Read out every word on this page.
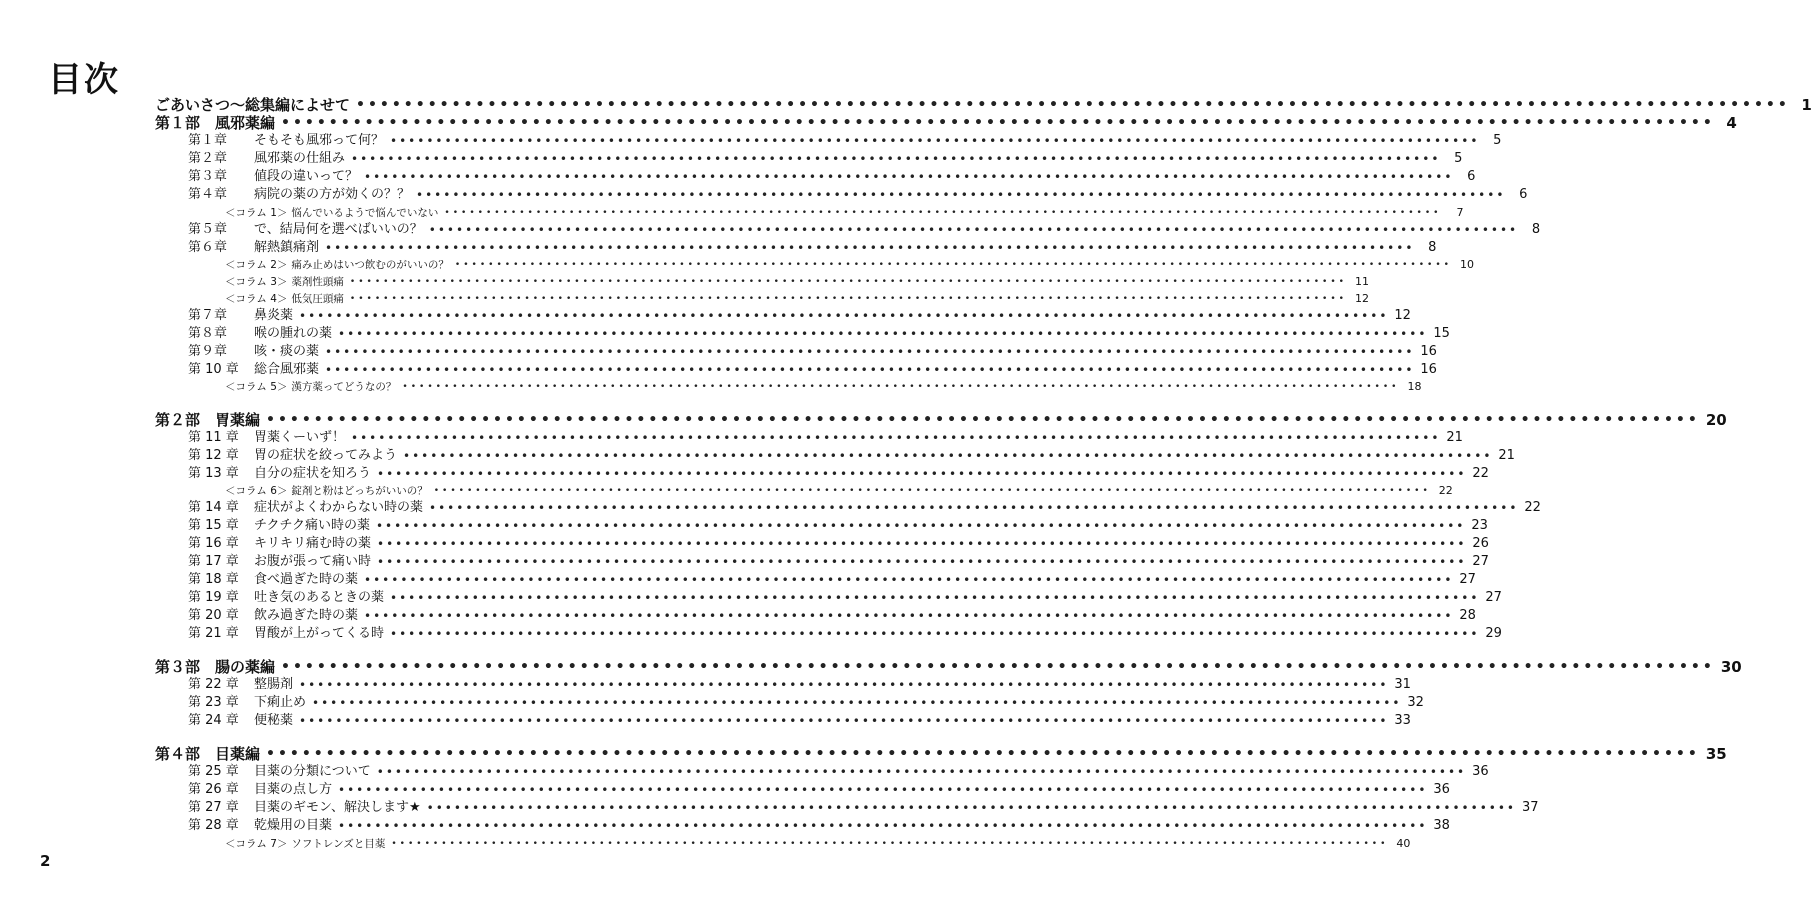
目次
ごあいさつ〜総集編によせて •••••••••••••••••••••••••••••••••••••••••••••••••••••••••••••••••••••••••••••••••••••••••••••••••••••••••••••••••••••••• 1
第１部　風邪薬編 •••••••••••••••••••••••••••••••••••••••••••••••••••••••••••••••••••••••••••••••••••••••••••••••••••••••••••••••••••••••• 4
第１章 そもそも風邪って何？ ••••••••••••••••••••••••••••••••••••••••••••••••••••••••••••••••••••••••••••••••••••••••••••••••••••••••••••••••••••••••	5
第２章 風邪薬の仕組み ••••••••••••••••••••••••••••••••••••••••••••••••••••••••••••••••••••••••••••••••••••••••••••••••••••••••••••••••••••••••	5
第３章 値段の違いって？ ••••••••••••••••••••••••••••••••••••••••••••••••••••••••••••••••••••••••••••••••••••••••••••••••••••••••••••••••••••••••	6
第４章 病院の薬の方が効くの？？ ••••••••••••••••••••••••••••••••••••••••••••••••••••••••••••••••••••••••••••••••••••••••••••••••••••••••••••••••••••••••	6
＜コラム 1＞ 悩んでいるようで悩んでいない ••••••••••••••••••••••••••••••••••••••••••••••••••••••••••••••••••••••••••••••••••••••••••••••••••••••••••••••••••••••••	7
第５章 で、結局何を選べばいいの？ ••••••••••••••••••••••••••••••••••••••••••••••••••••••••••••••••••••••••••••••••••••••••••••••••••••••••••••••••••••••••	8
第６章 解熱鎮痛剤 ••••••••••••••••••••••••••••••••••••••••••••••••••••••••••••••••••••••••••••••••••••••••••••••••••••••••••••••••••••••••	8
＜コラム 2＞ 痛み止めはいつ飲むのがいいの？ •••••••••••••••••••••••••••••••••••••••••••••••••••••••••••••••••••••••••••••••••••••••••••••••••••••••••••••••••••••••• 10
＜コラム 3＞ 薬剤性頭痛 •••••••••••••••••••••••••••••••••••••••••••••••••••••••••••••••••••••••••••••••••••••••••••••••••••••••••••••••••••••••• 11
＜コラム 4＞ 低気圧頭痛 •••••••••••••••••••••••••••••••••••••••••••••••••••••••••••••••••••••••••••••••••••••••••••••••••••••••••••••••••••••••• 12
第７章 鼻炎薬 •••••••••••••••••••••••••••••••••••••••••••••••••••••••••••••••••••••••••••••••••••••••••••••••••••••••••••••••••••••••• 12
第８章 喉の腫れの薬 •••••••••••••••••••••••••••••••••••••••••••••••••••••••••••••••••••••••••••••••••••••••••••••••••••••••••••••••••••••••• 15
第９章 咳・痰の薬 •••••••••••••••••••••••••••••••••••••••••••••••••••••••••••••••••••••••••••••••••••••••••••••••••••••••••••••••••••••••• 16
第 10 章 総合風邪薬 •••••••••••••••••••••••••••••••••••••••••••••••••••••••••••••••••••••••••••••••••••••••••••••••••••••••••••••••••••••••• 16
＜コラム 5＞ 漢方薬ってどうなの？ •••••••••••••••••••••••••••••••••••••••••••••••••••••••••••••••••••••••••••••••••••••••••••••••••••••••••••••••••••••••• 18
第２部　胃薬編 •••••••••••••••••••••••••••••••••••••••••••••••••••••••••••••••••••••••••••••••••••••••••••••••••••••••••••••••••••••••• 20
第 11 章 胃薬くーいず！ •••••••••••••••••••••••••••••••••••••••••••••••••••••••••••••••••••••••••••••••••••••••••••••••••••••••••••••••••••••••• 21
第 12 章 胃の症状を絞ってみよう •••••••••••••••••••••••••••••••••••••••••••••••••••••••••••••••••••••••••••••••••••••••••••••••••••••••••••••••••••••••• 21
第 13 章 自分の症状を知ろう •••••••••••••••••••••••••••••••••••••••••••••••••••••••••••••••••••••••••••••••••••••••••••••••••••••••••••••••••••••••• 22
＜コラム 6＞ 錠剤と粉はどっちがいいの？ •••••••••••••••••••••••••••••••••••••••••••••••••••••••••••••••••••••••••••••••••••••••••••••••••••••••••••••••••••••••• 22
第 14 章 症状がよくわからない時の薬 •••••••••••••••••••••••••••••••••••••••••••••••••••••••••••••••••••••••••••••••••••••••••••••••••••••••••••••••••••••••• 22
第 15 章 チクチク痛い時の薬 •••••••••••••••••••••••••••••••••••••••••••••••••••••••••••••••••••••••••••••••••••••••••••••••••••••••••••••••••••••••• 23
第 16 章 キリキリ痛む時の薬 •••••••••••••••••••••••••••••••••••••••••••••••••••••••••••••••••••••••••••••••••••••••••••••••••••••••••••••••••••••••• 26
第 17 章 お腹が張って痛い時 •••••••••••••••••••••••••••••••••••••••••••••••••••••••••••••••••••••••••••••••••••••••••••••••••••••••••••••••••••••••• 27
第 18 章 食べ過ぎた時の薬 •••••••••••••••••••••••••••••••••••••••••••••••••••••••••••••••••••••••••••••••••••••••••••••••••••••••••••••••••••••••• 27
第 19 章 吐き気のあるときの薬 •••••••••••••••••••••••••••••••••••••••••••••••••••••••••••••••••••••••••••••••••••••••••••••••••••••••••••••••••••••••• 27
第 20 章 飲み過ぎた時の薬 •••••••••••••••••••••••••••••••••••••••••••••••••••••••••••••••••••••••••••••••••••••••••••••••••••••••••••••••••••••••• 28
第 21 章 胃酸が上がってくる時 •••••••••••••••••••••••••••••••••••••••••••••••••••••••••••••••••••••••••••••••••••••••••••••••••••••••••••••••••••••••• 29
第３部　腸の薬編 •••••••••••••••••••••••••••••••••••••••••••••••••••••••••••••••••••••••••••••••••••••••••••••••••••••••••••••••••••••••• 30
第 22 章 整腸剤 •••••••••••••••••••••••••••••••••••••••••••••••••••••••••••••••••••••••••••••••••••••••••••••••••••••••••••••••••••••••• 31
第 23 章 下痢止め •••••••••••••••••••••••••••••••••••••••••••••••••••••••••••••••••••••••••••••••••••••••••••••••••••••••••••••••••••••••• 32
第 24 章 便秘薬 •••••••••••••••••••••••••••••••••••••••••••••••••••••••••••••••••••••••••••••••••••••••••••••••••••••••••••••••••••••••• 33
第４部　目薬編 •••••••••••••••••••••••••••••••••••••••••••••••••••••••••••••••••••••••••••••••••••••••••••••••••••••••••••••••••••••••• 35
第 25 章 目薬の分類について •••••••••••••••••••••••••••••••••••••••••••••••••••••••••••••••••••••••••••••••••••••••••••••••••••••••••••••••••••••••• 36
第 26 章 目薬の点し方 •••••••••••••••••••••••••••••••••••••••••••••••••••••••••••••••••••••••••••••••••••••••••••••••••••••••••••••••••••••••• 36
第 27 章 目薬のギモン、解決します★ •••••••••••••••••••••••••••••••••••••••••••••••••••••••••••••••••••••••••••••••••••••••••••••••••••••••••••••••••••••••• 37
第 28 章 乾燥用の目薬 •••••••••••••••••••••••••••••••••••••••••••••••••••••••••••••••••••••••••••••••••••••••••••••••••••••••••••••••••••••••• 38
＜コラム 7＞ ソフトレンズと目薬 •••••••••••••••••••••••••••••••••••••••••••••••••••••••••••••••••••••••••••••••••••••••••••••••••••••••••••••••••••••••• 40
2
